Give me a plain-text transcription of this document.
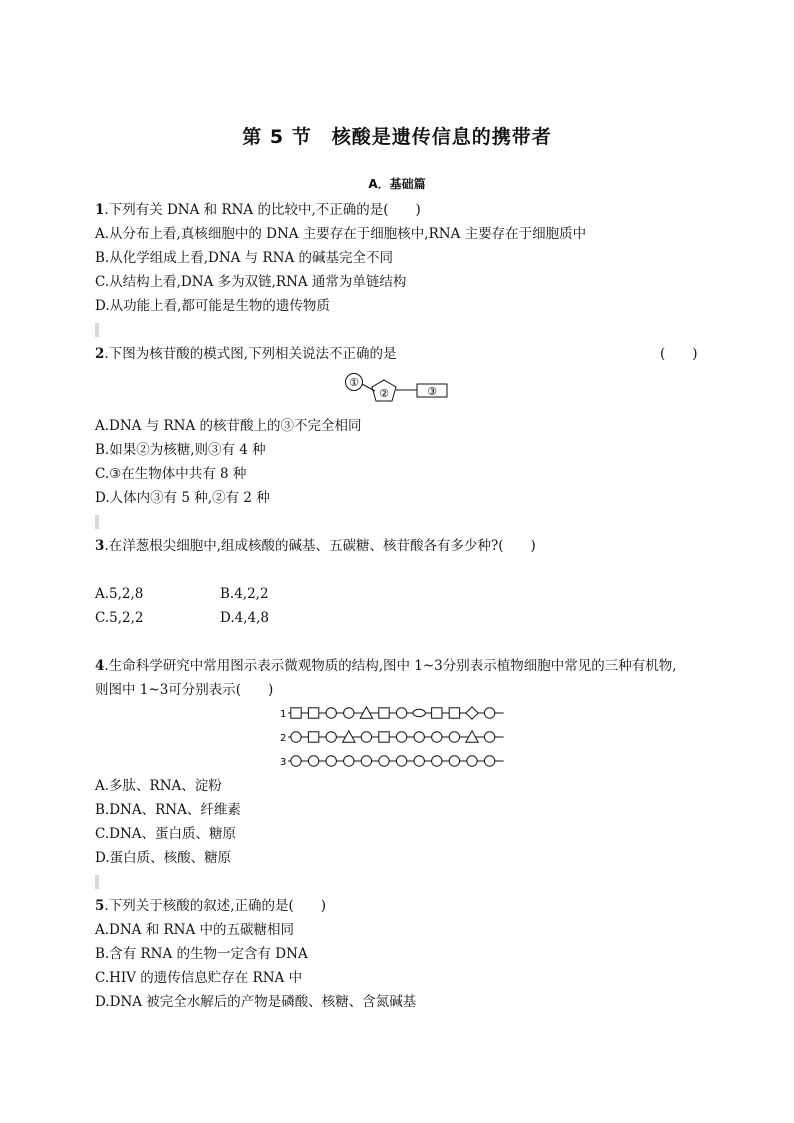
第 5 节　核酸是遗传信息的携带者
A．基础篇
1.下列有关 DNA 和 RNA 的比较中,不正确的是(　　)
A.从分布上看,真核细胞中的 DNA 主要存在于细胞核中,RNA 主要存在于细胞质中
B.从化学组成上看,DNA 与 RNA 的碱基完全不同
C.从结构上看,DNA 多为双链,RNA 通常为单链结构
D.从功能上看,都可能是生物的遗传物质
2.下图为核苷酸的模式图,下列相关说法不正确的是	(　　)
①
②	③
A.DNA 与 RNA 的核苷酸上的③不完全相同
B.如果②为核糖,则③有 4 种
C.③在生物体中共有 8 种
D.人体内③有 5 种,②有 2 种
3.在洋葱根尖细胞中,组成核酸的碱基、五碳糖、核苷酸各有多少种?(　　)
A.5,2,8	B.4,2,2
C.5,2,2	D.4,4,8
4.生命科学研究中常用图示表示微观物质的结构,图中 1~3分别表示植物细胞中常见的三种有机物,
则图中 1~3可分别表示(　　)
1
2
3
A.多肽、RNA、淀粉
B.DNA、RNA、纤维素
C.DNA、蛋白质、糖原
D.蛋白质、核酸、糖原
5.下列关于核酸的叙述,正确的是(　　)
A.DNA 和 RNA 中的五碳糖相同
B.含有 RNA 的生物一定含有 DNA
C.HIV 的遗传信息贮存在 RNA 中
D.DNA 被完全水解后的产物是磷酸、核糖、含氮碱基
